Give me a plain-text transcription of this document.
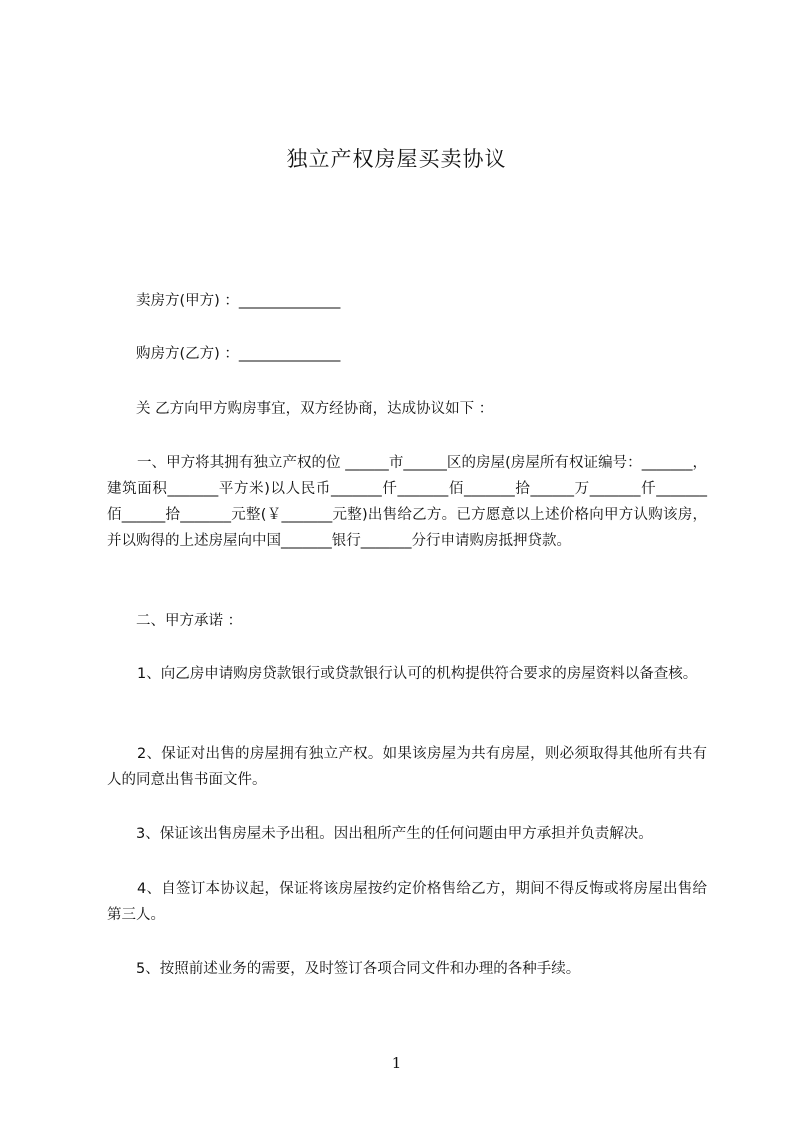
独立产权房屋买卖协议
卖房方(甲方) ：______________
购房方(乙方) ：______________
关 乙方向甲方购房事宜，双方经协商，达成协议如下 ：
一、甲方将其拥有独立产权的位 ______市______区的房屋(房屋所有权证编号：_______，建筑面积_______平方米)以人民币_______仟_______佰_______拾______万_______仟_______佰______拾_______元整(￥_______元整)出售给乙方。已方愿意以上述价格向甲方认购该房，并以购得的上述房屋向中国_______银行_______分行申请购房抵押贷款。
二、甲方承诺 ：
1、向乙房申请购房贷款银行或贷款银行认可的机构提供符合要求的房屋资料以备查核。
2、保证对出售的房屋拥有独立产权。如果该房屋为共有房屋，则必须取得其他所有共有人的同意出售书面文件。
3、保证该出售房屋未予出租。因出租所产生的任何问题由甲方承担并负责解决。
4、自签订本协议起，保证将该房屋按约定价格售给乙方，期间不得反悔或将房屋出售给第三人。
5、按照前述业务的需要，及时签订各项合同文件和办理的各种手续。
1
